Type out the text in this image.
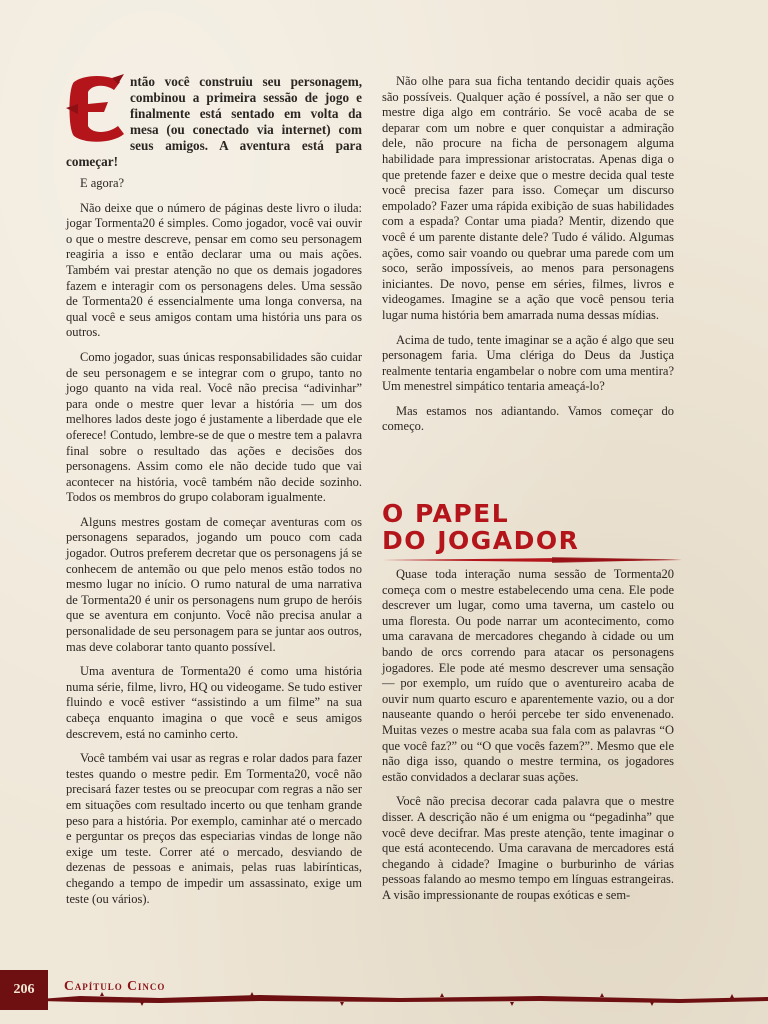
ntão você construiu seu personagem, combinou a primeira sessão de jogo e finalmente está sentado em volta da mesa (ou conectado via internet) com seus amigos. A aventura está para começar!

E agora?

Não deixe que o número de páginas deste livro o iluda: jogar Tormenta20 é simples. Como jogador, você vai ouvir o que o mestre descreve, pensar em como seu personagem reagiria a isso e então declarar uma ou mais ações. Também vai prestar atenção no que os demais jogadores fazem e interagir com os personagens deles. Uma sessão de Tormenta20 é essencialmente uma longa conversa, na qual você e seus amigos contam uma história uns para os outros.

Como jogador, suas únicas responsabilidades são cuidar de seu personagem e se integrar com o grupo, tanto no jogo quanto na vida real. Você não precisa “adivinhar” para onde o mestre quer levar a história — um dos melhores lados deste jogo é justamente a liberdade que ele oferece! Contudo, lembre-se de que o mestre tem a palavra final sobre o resultado das ações e decisões dos personagens. Assim como ele não decide tudo que vai acontecer na história, você também não decide sozinho. Todos os membros do grupo colaboram igualmente.

Alguns mestres gostam de começar aventuras com os personagens separados, jogando um pouco com cada jogador. Outros preferem decretar que os personagens já se conhecem de antemão ou que pelo menos estão todos no mesmo lugar no início. O rumo natural de uma narrativa de Tormenta20 é unir os personagens num grupo de heróis que se aventura em conjunto. Você não precisa anular a personalidade de seu personagem para se juntar aos outros, mas deve colaborar tanto quanto possível.

Uma aventura de Tormenta20 é como uma história numa série, filme, livro, HQ ou videogame. Se tudo estiver fluindo e você estiver “assistindo a um filme” na sua cabeça enquanto imagina o que você e seus amigos descrevem, está no caminho certo.

Você também vai usar as regras e rolar dados para fazer testes quando o mestre pedir. Em Tormenta20, você não precisará fazer testes ou se preocupar com regras a não ser em situações com resultado incerto ou que tenham grande peso para a história. Por exemplo, caminhar até o mercado e perguntar os preços das especiarias vindas de longe não exige um teste. Correr até o mercado, desviando de dezenas de pessoas e animais, pelas ruas labirínticas, chegando a tempo de impedir um assassinato, exige um teste (ou vários).

Não olhe para sua ficha tentando decidir quais ações são possíveis. Qualquer ação é possível, a não ser que o mestre diga algo em contrário. Se você acaba de se deparar com um nobre e quer conquistar a admiração dele, não procure na ficha de personagem alguma habilidade para impressionar aristocratas. Apenas diga o que pretende fazer e deixe que o mestre decida qual teste você precisa fazer para isso. Começar um discurso empolado? Fazer uma rápida exibição de suas habilidades com a espada? Contar uma piada? Mentir, dizendo que você é um parente distante dele? Tudo é válido. Algumas ações, como sair voando ou quebrar uma parede com um soco, serão impossíveis, ao menos para personagens iniciantes. De novo, pense em séries, filmes, livros e videogames. Imagine se a ação que você pensou teria lugar numa história bem amarrada numa dessas mídias.

Acima de tudo, tente imaginar se a ação é algo que seu personagem faria. Uma clériga do Deus da Justiça realmente tentaria engambelar o nobre com uma mentira? Um menestrel simpático tentaria ameaçá-lo?

Mas estamos nos adiantando. Vamos começar do começo.

O PAPEL
DO JOGADOR

Quase toda interação numa sessão de Tormenta20 começa com o mestre estabelecendo uma cena. Ele pode descrever um lugar, como uma taverna, um castelo ou uma floresta. Ou pode narrar um acontecimento, como uma caravana de mercadores chegando à cidade ou um bando de orcs correndo para atacar os personagens jogadores. Ele pode até mesmo descrever uma sensação — por exemplo, um ruído que o aventureiro acaba de ouvir num quarto escuro e aparentemente vazio, ou a dor nauseante quando o herói percebe ter sido envenenado. Muitas vezes o mestre acaba sua fala com as palavras “O que você faz?” ou “O que vocês fazem?”. Mesmo que ele não diga isso, quando o mestre termina, os jogadores estão convidados a declarar suas ações.

Você não precisa decorar cada palavra que o mestre disser. A descrição não é um enigma ou “pegadinha” que você deve decifrar. Mas preste atenção, tente imaginar o que está acontecendo. Uma caravana de mercadores está chegando à cidade? Imagine o burburinho de várias pessoas falando ao mesmo tempo em línguas estrangeiras. A visão impressionante de roupas exóticas e sem-

206	Capítulo Cinco
